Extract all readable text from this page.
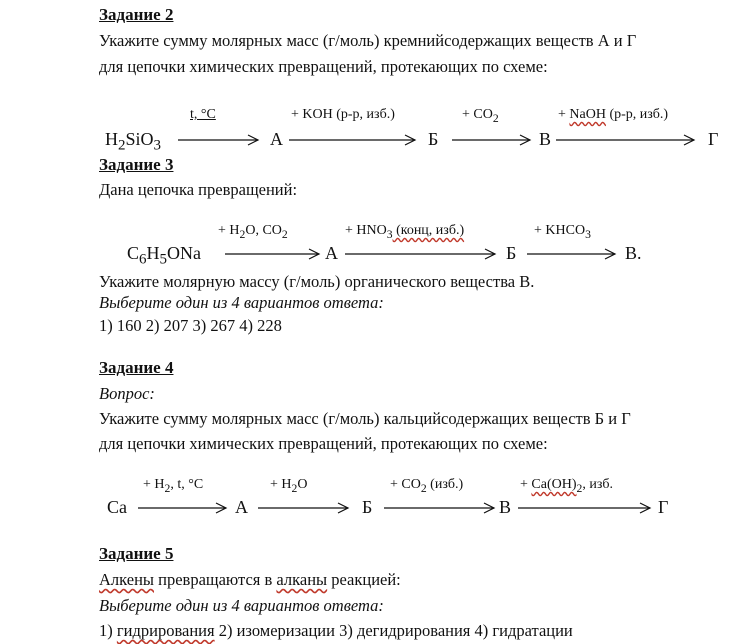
Задание 2
Укажите сумму молярных масс (г/моль) кремнийсодержащих веществ А и Г
для цепочки химических превращений, протекающих по схеме:
$H_2SiO_3$
t, °C
А
+ KOH (р-р, изб.)
Б
+ $CO_2$
В
+ NaOH (р-р, изб.)
Г
Задание 3
Дана цепочка превращений:
$C_6H_5ONa$
+ $H_2O$, $CO_2$
А
+ $HNO_3$ (конц, изб.)
Б
+ $KHCO_3$
В.
Укажите молярную массу (г/моль) органического вещества В.
Выберите один из 4 вариантов ответа:
1) 160 2) 207 3) 267 4) 228
Задание 4
Вопрос:
Укажите сумму молярных масс (г/моль) кальцийсодержащих веществ Б и Г
для цепочки химических превращений, протекающих по схеме:
Ca
+ $H_2$, t, °C
А
+ $H_2O$
Б
+ $CO_2$ (изб.)
В
+ $Ca(OH)_2$, изб.
Г
Задание 5
Алкены превращаются в алканы реакцией:
Выберите один из 4 вариантов ответа:
1) гидрирования 2) изомеризации 3) дегидрирования 4) гидратации
